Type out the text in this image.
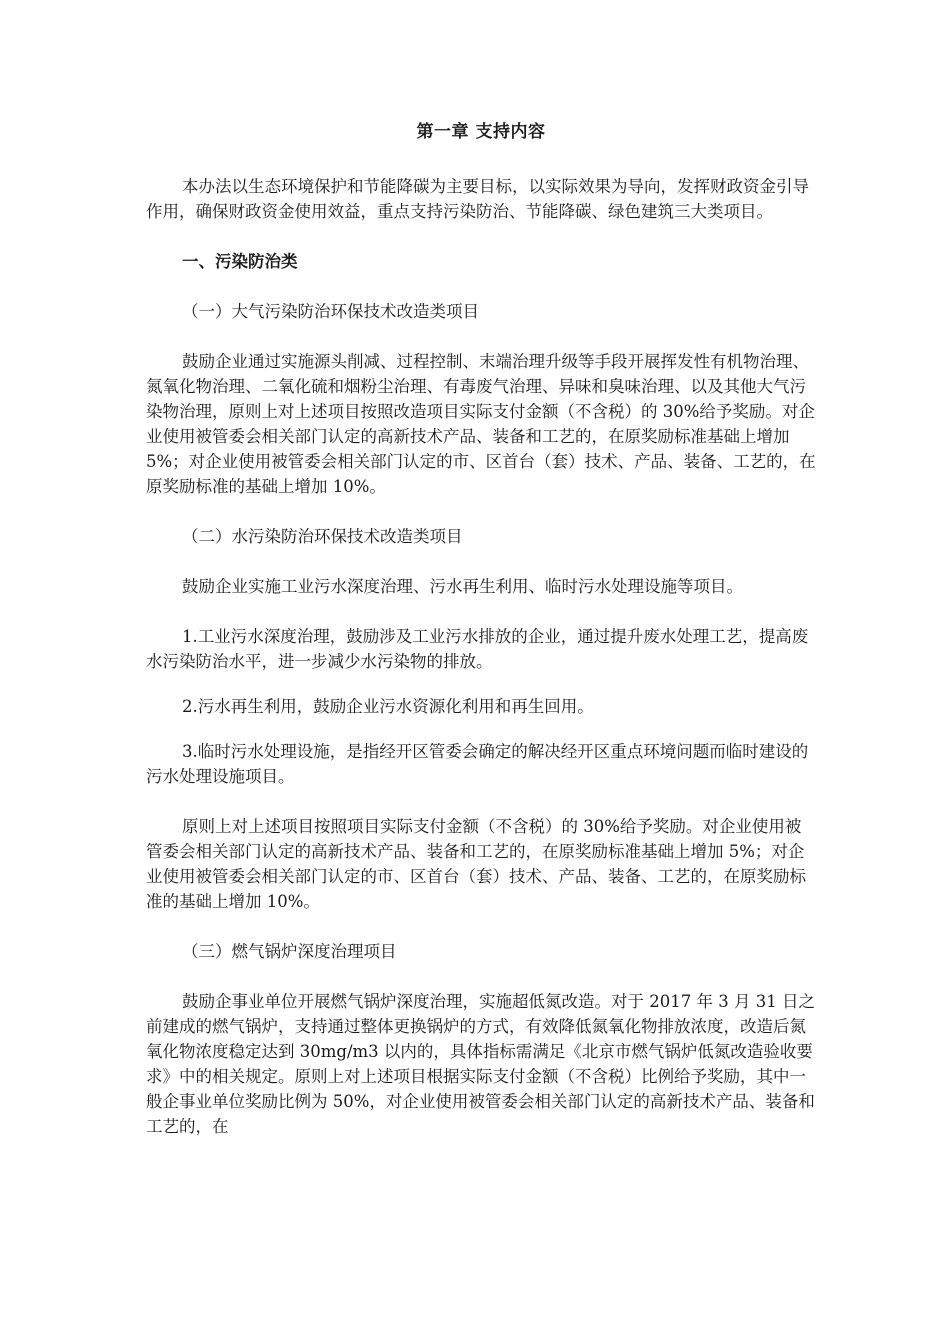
第一章 支持内容

本办法以生态环境保护和节能降碳为主要目标，以实际效果为导向，发挥财政资金引导作用，确保财政资金使用效益，重点支持污染防治、节能降碳、绿色建筑三大类项目。

一、污染防治类

（一）大气污染防治环保技术改造类项目

鼓励企业通过实施源头削减、过程控制、末端治理升级等手段开展挥发性有机物治理、氮氧化物治理、二氧化硫和烟粉尘治理、有毒废气治理、异味和臭味治理、以及其他大气污染物治理，原则上对上述项目按照改造项目实际支付金额（不含税）的 30%给予奖励。对企业使用被管委会相关部门认定的高新技术产品、装备和工艺的，在原奖励标准基础上增加 5%；对企业使用被管委会相关部门认定的市、区首台（套）技术、产品、装备、工艺的，在原奖励标准的基础上增加 10%。

（二）水污染防治环保技术改造类项目

鼓励企业实施工业污水深度治理、污水再生利用、临时污水处理设施等项目。

1.工业污水深度治理，鼓励涉及工业污水排放的企业，通过提升废水处理工艺，提高废水污染防治水平，进一步减少水污染物的排放。

2.污水再生利用，鼓励企业污水资源化利用和再生回用。

3.临时污水处理设施，是指经开区管委会确定的解决经开区重点环境问题而临时建设的污水处理设施项目。

原则上对上述项目按照项目实际支付金额（不含税）的 30%给予奖励。对企业使用被管委会相关部门认定的高新技术产品、装备和工艺的，在原奖励标准基础上增加 5%；对企业使用被管委会相关部门认定的市、区首台（套）技术、产品、装备、工艺的，在原奖励标准的基础上增加 10%。

（三）燃气锅炉深度治理项目

鼓励企事业单位开展燃气锅炉深度治理，实施超低氮改造。对于 2017 年 3 月 31 日之前建成的燃气锅炉，支持通过整体更换锅炉的方式，有效降低氮氧化物排放浓度，改造后氮氧化物浓度稳定达到 30mg/m3 以内的，具体指标需满足《北京市燃气锅炉低氮改造验收要求》中的相关规定。原则上对上述项目根据实际支付金额（不含税）比例给予奖励，其中一般企事业单位奖励比例为 50%，对企业使用被管委会相关部门认定的高新技术产品、装备和工艺的，在
